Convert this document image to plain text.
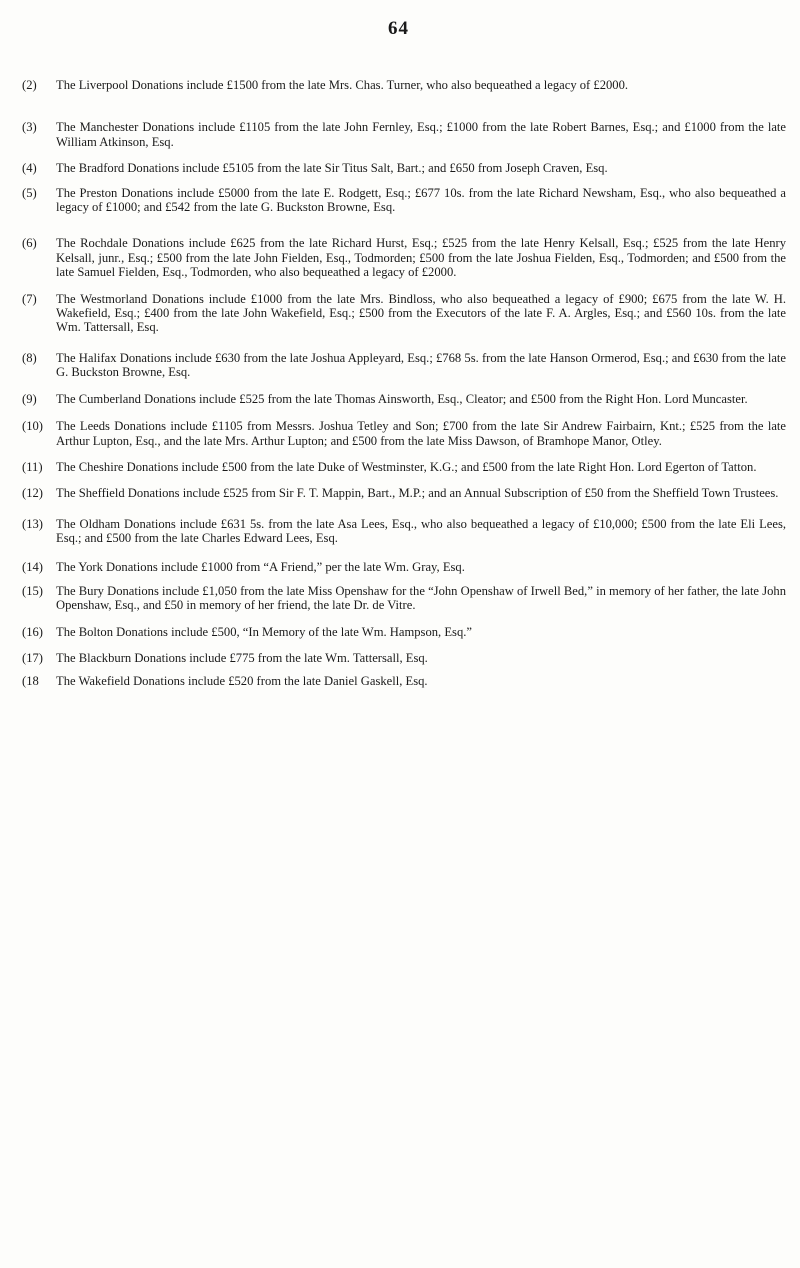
64
(2)	The Liverpool Donations include £1500 from the late Mrs. Chas. Turner, who also bequeathed a legacy of £2000.
(3)	The Manchester Donations include £1105 from the late John Fernley, Esq.; £1000 from the late Robert Barnes, Esq.; and £1000 from the late William Atkinson, Esq.
(4)	The Bradford Donations include £5105 from the late Sir Titus Salt, Bart.; and £650 from Joseph Craven, Esq.
(5)	The Preston Donations include £5000 from the late E. Rodgett, Esq.; £677 10s. from the late Richard Newsham, Esq., who also bequeathed a legacy of £1000; and £542 from the late G. Buckston Browne, Esq.
(6)	The Rochdale Donations include £625 from the late Richard Hurst, Esq.; £525 from the late Henry Kelsall, Esq.; £525 from the late Henry Kelsall, junr., Esq.; £500 from the late John Fielden, Esq., Todmorden; £500 from the late Joshua Fielden, Esq., Todmorden; and £500 from the late Samuel Fielden, Esq., Todmorden, who also bequeathed a legacy of £2000.
(7)	The Westmorland Donations include £1000 from the late Mrs. Bindloss, who also bequeathed a legacy of £900; £675 from the late W. H. Wakefield, Esq.; £400 from the late John Wakefield, Esq.; £500 from the Executors of the late F. A. Argles, Esq.; and £560 10s. from the late Wm. Tattersall, Esq.
(8)	The Halifax Donations include £630 from the late Joshua Appleyard, Esq.; £768 5s. from the late Hanson Ormerod, Esq.; and £630 from the late G. Buckston Browne, Esq.
(9)	The Cumberland Donations include £525 from the late Thomas Ainsworth, Esq., Cleator; and £500 from the Right Hon. Lord Muncaster.
(10)	The Leeds Donations include £1105 from Messrs. Joshua Tetley and Son; £700 from the late Sir Andrew Fairbairn, Knt.; £525 from the late Arthur Lupton, Esq., and the late Mrs. Arthur Lupton; and £500 from the late Miss Dawson, of Bramhope Manor, Otley.
(11)	The Cheshire Donations include £500 from the late Duke of Westminster, K.G.; and £500 from the late Right Hon. Lord Egerton of Tatton.
(12)	The Sheffield Donations include £525 from Sir F. T. Mappin, Bart., M.P.; and an Annual Subscription of £50 from the Sheffield Town Trustees.
(13)	The Oldham Donations include £631 5s. from the late Asa Lees, Esq., who also bequeathed a legacy of £10,000; £500 from the late Eli Lees, Esq.; and £500 from the late Charles Edward Lees, Esq.
(14)	The York Donations include £1000 from “A Friend,” per the late Wm. Gray, Esq.
(15)	The Bury Donations include £1,050 from the late Miss Openshaw for the “John Openshaw of Irwell Bed,” in memory of her father, the late John Openshaw, Esq., and £50 in memory of her friend, the late Dr. de Vitre.
(16)	The Bolton Donations include £500, “In Memory of the late Wm. Hampson, Esq.”
(17)	The Blackburn Donations include £775 from the late Wm. Tattersall, Esq.
(18	The Wakefield Donations include £520 from the late Daniel Gaskell, Esq.
